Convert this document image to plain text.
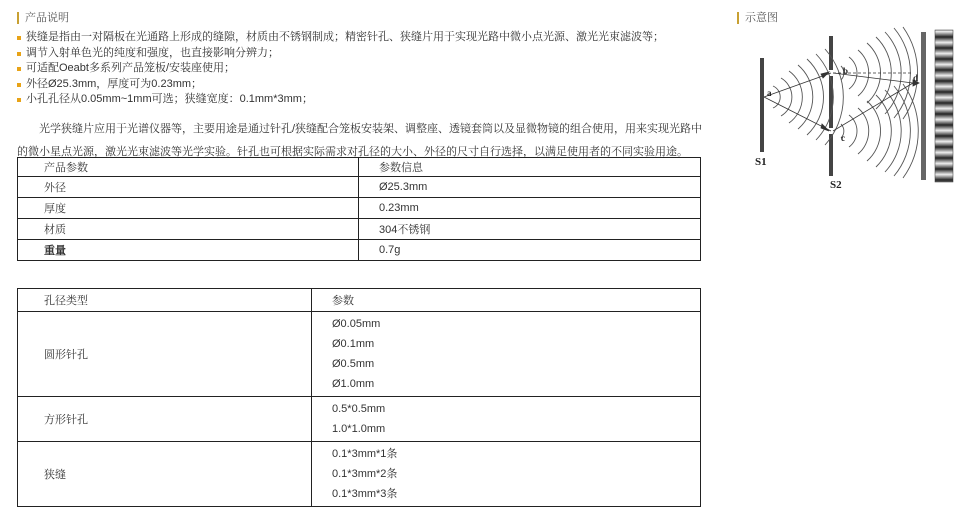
产品说明
狭缝是指由一对隔板在光通路上形成的缝隙，材质由不锈钢制成；精密针孔、狭缝片用于实现光路中微小点光源、激光光束滤波等；
调节入射单色光的纯度和强度，也直接影响分辨力；
可适配Oeabt多系列产品笼板/安装座使用；
外径Ø25.3mm，厚度可为0.23mm；
小孔孔径从0.05mm~1mm可选；狭缝宽度：0.1mm*3mm；

光学狭缝片应用于光谱仪器等，主要用途是通过针孔/狭缝配合笼板安装架、调整座、透镜套筒以及显微物镜的组合使用，用来实现光路中的微小星点光源，激光光束滤波等光学实验。针孔也可根据实际需求对孔径的大小、外径的尺寸自行选择，以满足使用者的不同实验用途。

产品参数	参数信息
外径	Ø25.3mm
厚度	0.23mm
材质	304不锈钢
重量	0.7g
孔径类型	参数
圆形针孔	Ø0.05mm
Ø0.1mm
Ø0.5mm
Ø1.0mm

方形针孔	0.5*0.5mm
1.0*1.0mm

狭缝	0.1*3mm*1条
0.1*3mm*2条
0.1*3mm*3条
示意图
a
b
c
d
S1
S2
